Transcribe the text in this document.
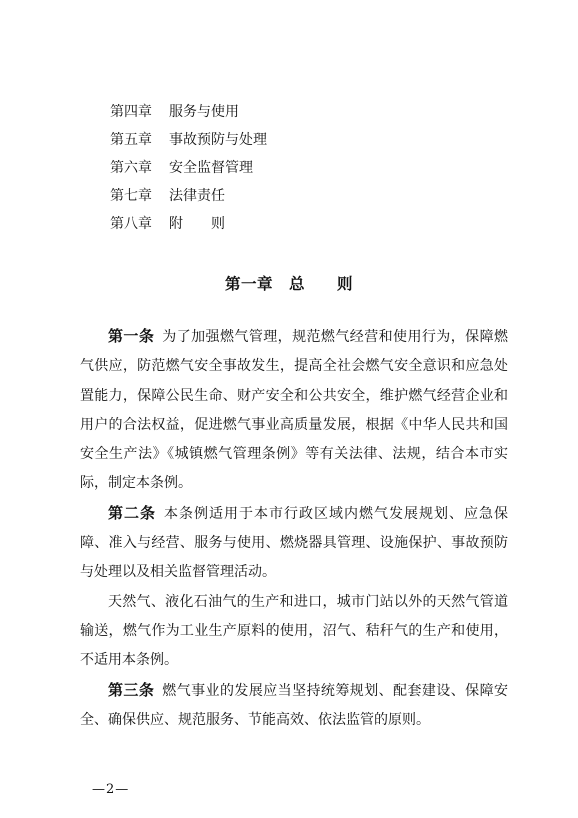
第四章 服务与使用
第五章 事故预防与处理
第六章 安全监督管理
第七章 法律责任
第八章 附　　则
第一章　总　　则

第一条 为了加强燃气管理，规范燃气经营和使用行为，保障燃气供应，防范燃气安全事故发生，提高全社会燃气安全意识和应急处置能力，保障公民生命、财产安全和公共安全，维护燃气经营企业和用户的合法权益，促进燃气事业高质量发展，根据《中华人民共和国安全生产法》《城镇燃气管理条例》等有关法律、法规，结合本市实际，制定本条例。

第二条 本条例适用于本市行政区域内燃气发展规划、应急保障、准入与经营、服务与使用、燃烧器具管理、设施保护、事故预防与处理以及相关监督管理活动。

天然气、液化石油气的生产和进口，城市门站以外的天然气管道输送，燃气作为工业生产原料的使用，沼气、秸秆气的生产和使用，不适用本条例。

第三条 燃气事业的发展应当坚持统筹规划、配套建设、保障安全、确保供应、规范服务、节能高效、依法监管的原则。

—2—
